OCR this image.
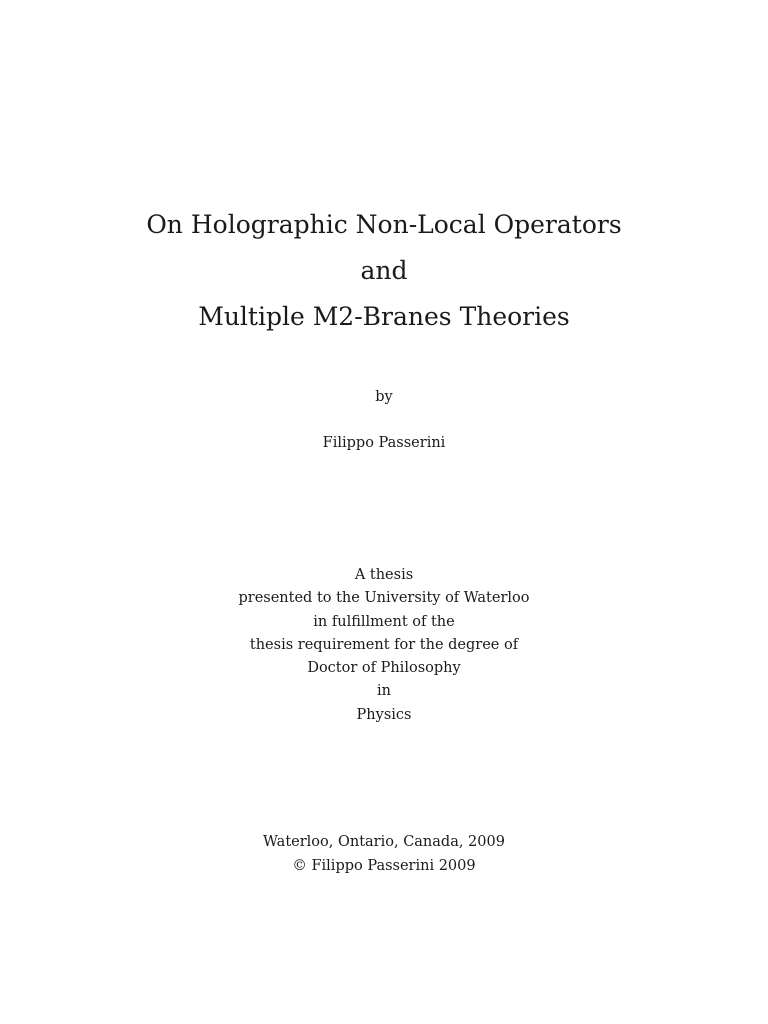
On Holographic Non-Local Operators
and
Multiple M2-Branes Theories
by
Filippo Passerini
A thesis
presented to the University of Waterloo
in fulfillment of the
thesis requirement for the degree of
Doctor of Philosophy
in
Physics
Waterloo, Ontario, Canada, 2009
© Filippo Passerini 2009
